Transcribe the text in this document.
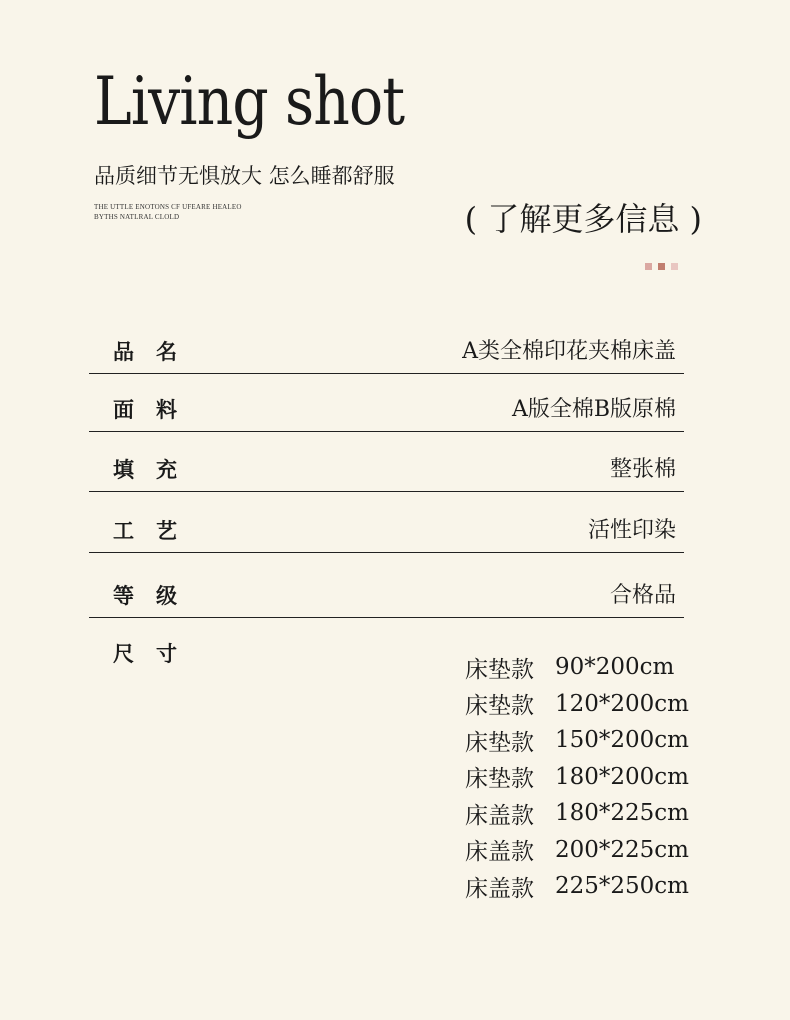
Living shot
品质细节无惧放大 怎么睡都舒服
THE UTTLE ENOTONS CF UFEARE HEALEO
BYTHS NATLRAL CLOLD	( 了解更多信息 )
品名	A类全棉印花夹棉床盖
面料	A版全棉B版原棉
填充	整张棉
工艺	活性印染
等级	合格品
尺寸
床垫款 90*200cm
床垫款 120*200cm
床垫款 150*200cm
床垫款 180*200cm
床盖款 180*225cm
床盖款 200*225cm
床盖款 225*250cm
